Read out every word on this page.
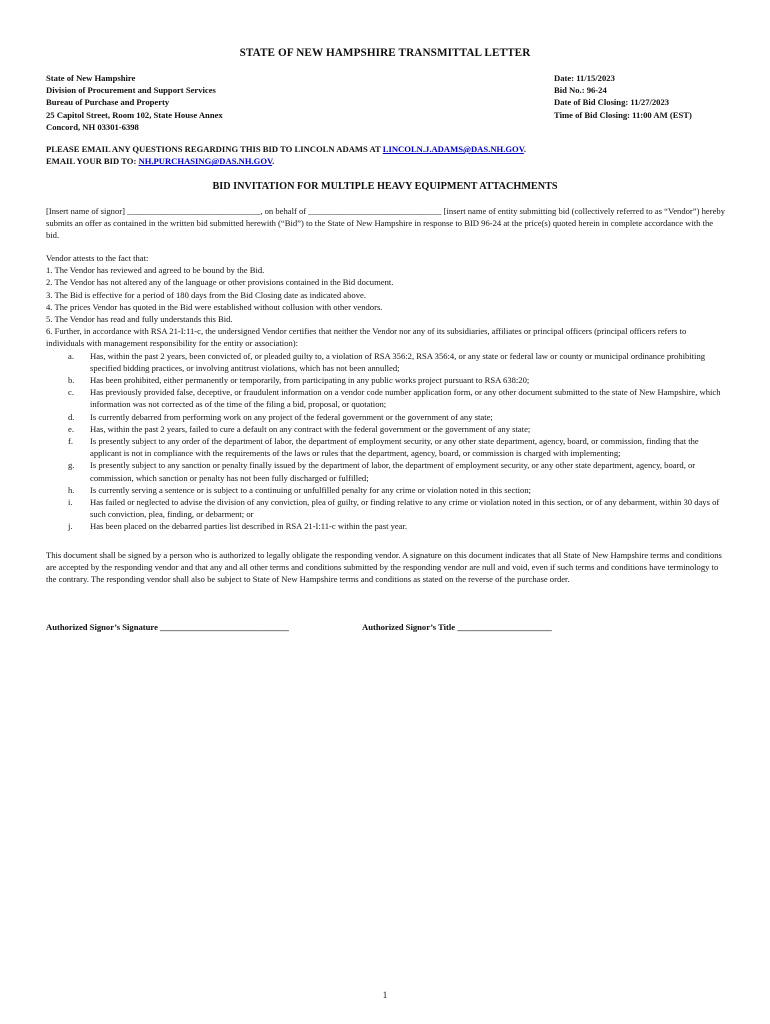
STATE OF NEW HAMPSHIRE TRANSMITTAL LETTER
State of New Hampshire
Division of Procurement and Support Services
Bureau of Purchase and Property
25 Capitol Street, Room 102, State House Annex
Concord, NH 03301-6398
Date: 11/15/2023
Bid No.: 96-24
Date of Bid Closing: 11/27/2023
Time of Bid Closing: 11:00 AM (EST)
PLEASE EMAIL ANY QUESTIONS REGARDING THIS BID TO LINCOLN ADAMS AT LINCOLN.J.ADAMS@DAS.NH.GOV.
EMAIL YOUR BID TO: NH.PURCHASING@DAS.NH.GOV.
BID INVITATION FOR MULTIPLE HEAVY EQUIPMENT ATTACHMENTS
[Insert name of signor] _______________________________, on behalf of _______________________________ [insert name of entity submitting bid (collectively referred to as “Vendor”) hereby submits an offer as contained in the written bid submitted herewith (“Bid”) to the State of New Hampshire in response to BID 96-24 at the price(s) quoted herein in complete accordance with the bid.
Vendor attests to the fact that:
1. The Vendor has reviewed and agreed to be bound by the Bid.
2. The Vendor has not altered any of the language or other provisions contained in the Bid document.
3. The Bid is effective for a period of 180 days from the Bid Closing date as indicated above.
4. The prices Vendor has quoted in the Bid were established without collusion with other vendors.
5. The Vendor has read and fully understands this Bid.
6. Further, in accordance with RSA 21-I:11-c, the undersigned Vendor certifies that neither the Vendor nor any of its subsidiaries, affiliates or principal officers (principal officers refers to individuals with management responsibility for the entity or association):
a.	Has, within the past 2 years, been convicted of, or pleaded guilty to, a violation of RSA 356:2, RSA 356:4, or any state or federal law or county or municipal ordinance prohibiting specified bidding practices, or involving antitrust violations, which has not been annulled;
b.	Has been prohibited, either permanently or temporarily, from participating in any public works project pursuant to RSA 638:20;
c.	Has previously provided false, deceptive, or fraudulent information on a vendor code number application form, or any other document submitted to the state of New Hampshire, which information was not corrected as of the time of the filing a bid, proposal, or quotation;
d.	Is currently debarred from performing work on any project of the federal government or the government of any state;
e.	Has, within the past 2 years, failed to cure a default on any contract with the federal government or the government of any state;
f.	Is presently subject to any order of the department of labor, the department of employment security, or any other state department, agency, board, or commission, finding that the applicant is not in compliance with the requirements of the laws or rules that the department, agency, board, or commission is charged with implementing;
g.	Is presently subject to any sanction or penalty finally issued by the department of labor, the department of employment security, or any other state department, agency, board, or commission, which sanction or penalty has not been fully discharged or fulfilled;
h.	Is currently serving a sentence or is subject to a continuing or unfulfilled penalty for any crime or violation noted in this section;
i.	Has failed or neglected to advise the division of any conviction, plea of guilty, or finding relative to any crime or violation noted in this section, or of any debarment, within 30 days of such conviction, plea, finding, or debarment; or
j.	Has been placed on the debarred parties list described in RSA 21-I:11-c within the past year.
This document shall be signed by a person who is authorized to legally obligate the responding vendor. A signature on this document indicates that all State of New Hampshire terms and conditions are accepted by the responding vendor and that any and all other terms and conditions submitted by the responding vendor are null and void, even if such terms and conditions have terminology to the contrary. The responding vendor shall also be subject to State of New Hampshire terms and conditions as stated on the reverse of the purchase order.
Authorized Signor’s Signature ______________________________	Authorized Signor’s Title ______________________
1
